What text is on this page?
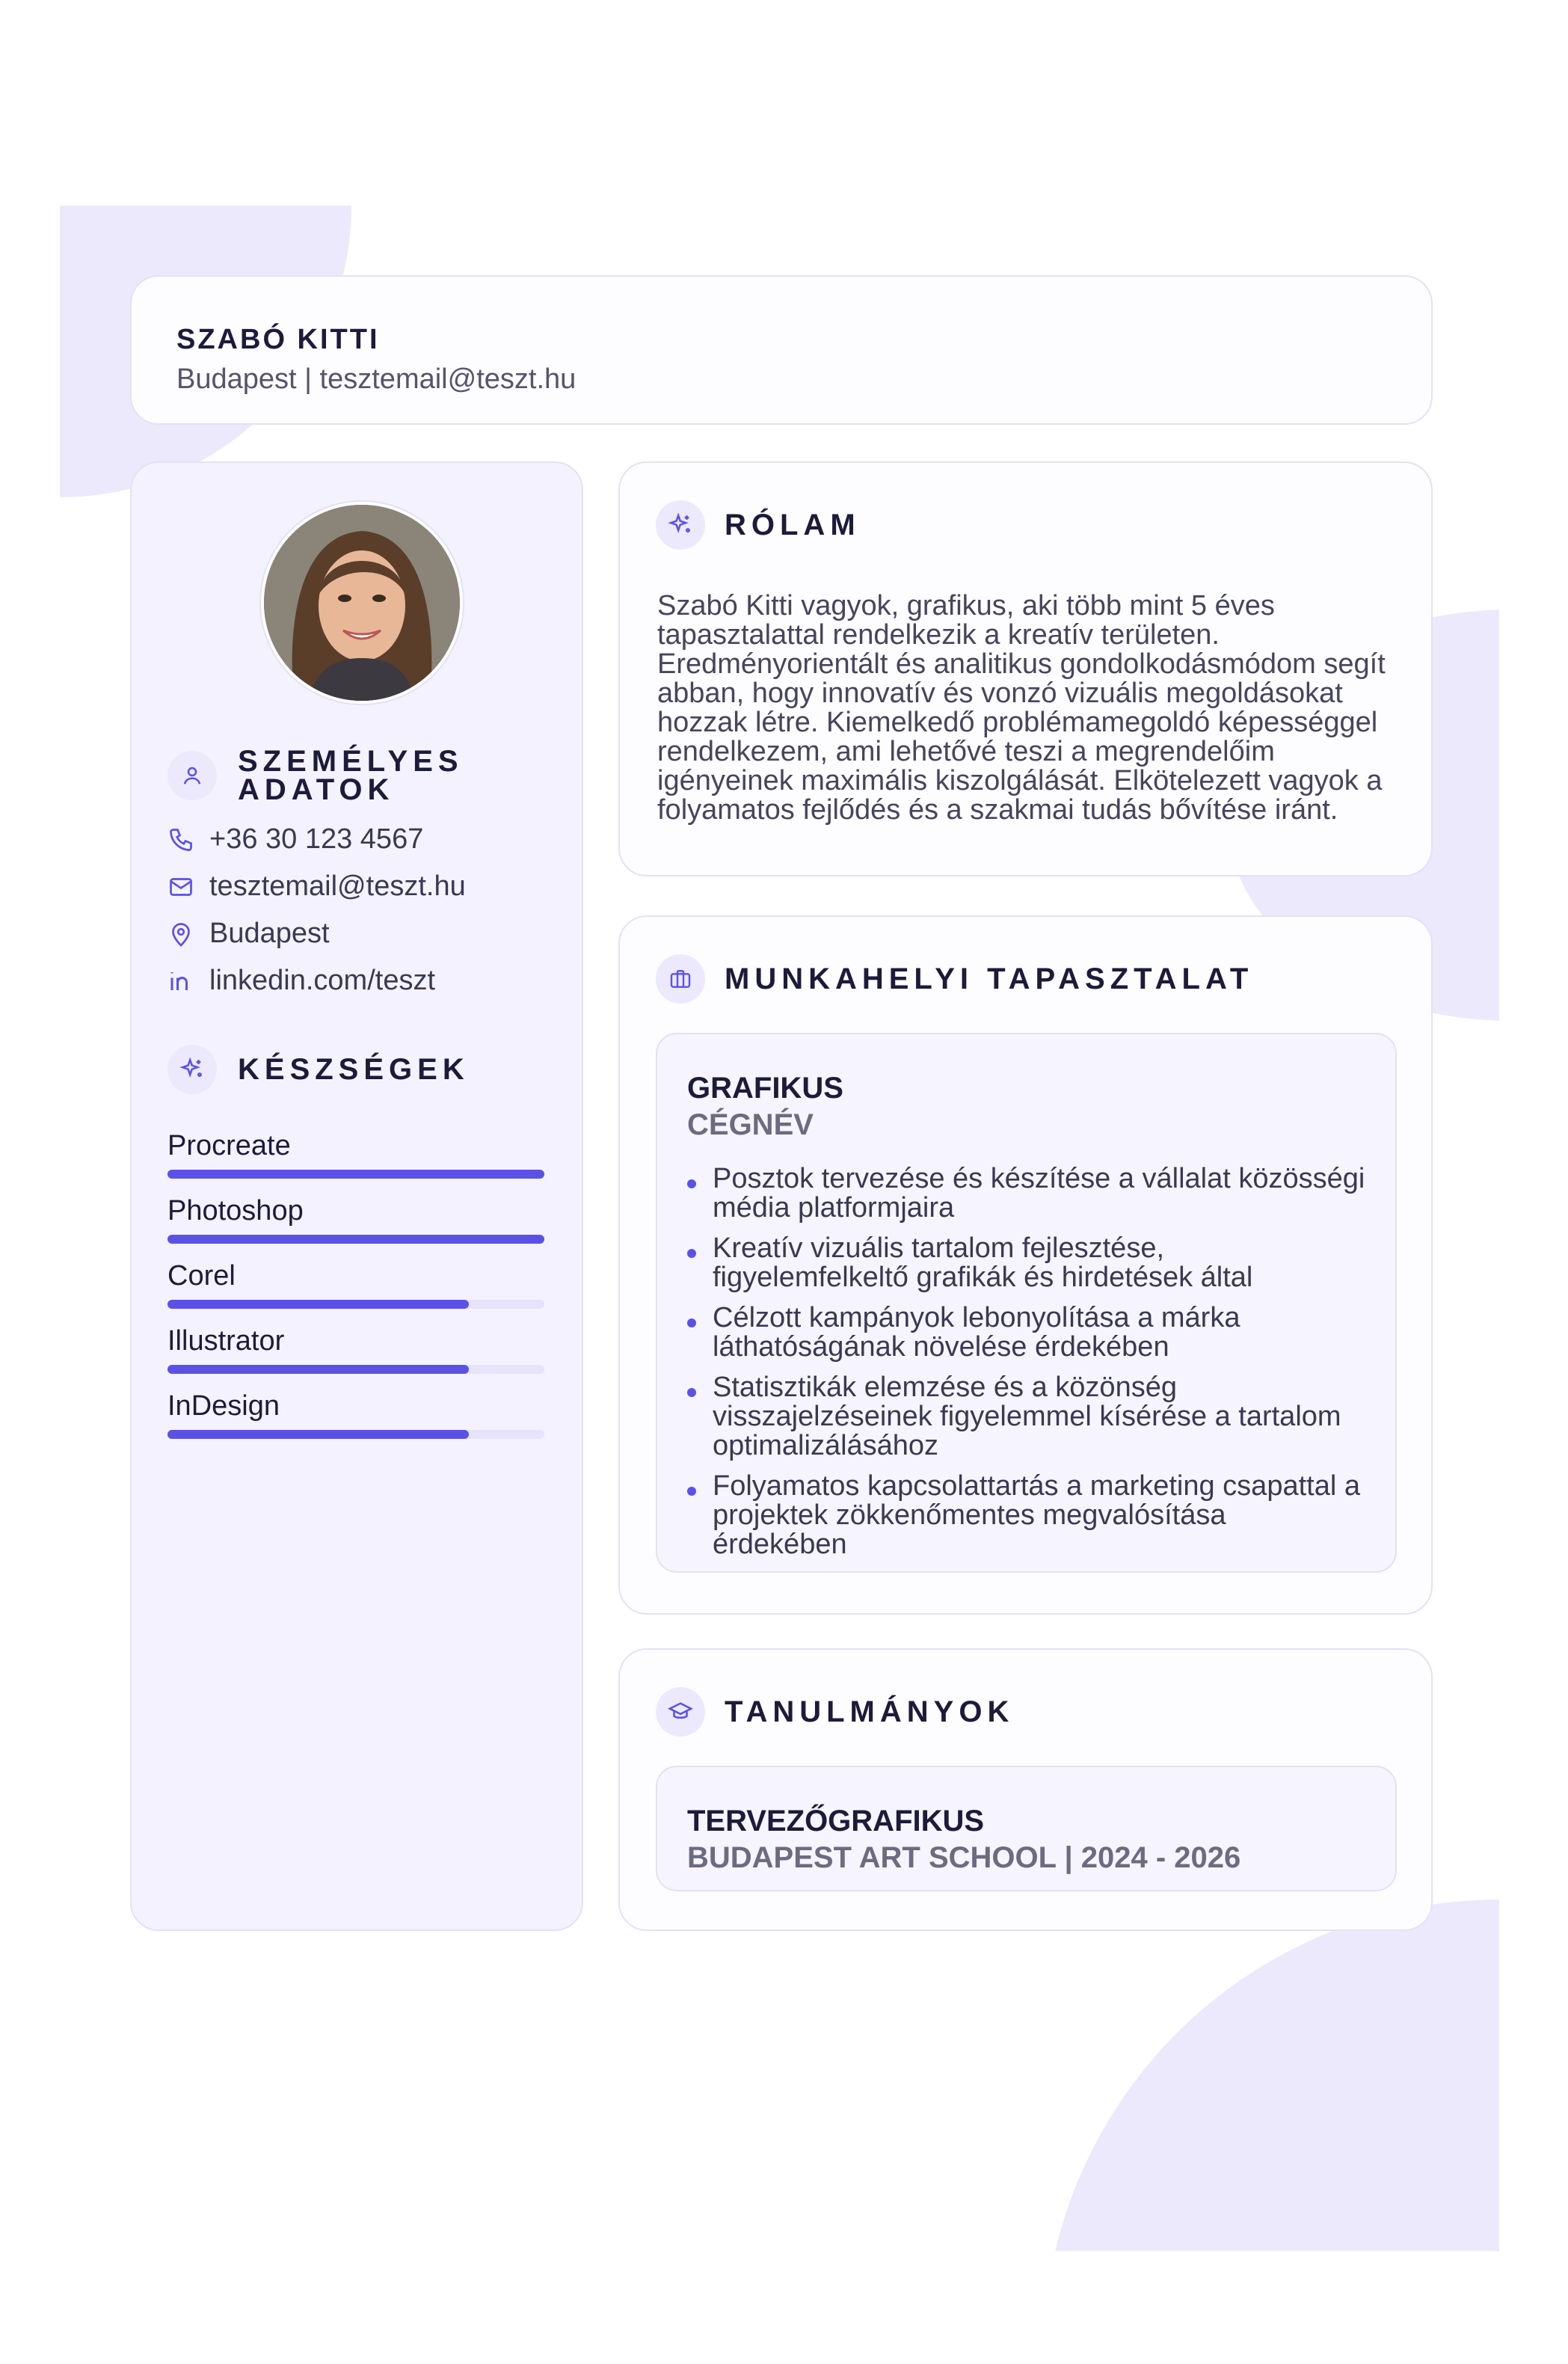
SZABÓ KITTI
Budapest | tesztemail@teszt.hu
SZEMÉLYES ADATOK
+36 30 123 4567
tesztemail@teszt.hu
Budapest
linkedin.com/teszt
KÉSZSÉGEK
Procreate
Photoshop
Corel
Illustrator
InDesign
RÓLAM
Szabó Kitti vagyok, grafikus, aki több mint 5 éves tapasztalattal rendelkezik a kreatív területen. Eredményorientált és analitikus gondolkodásmódom segít abban, hogy innovatív és vonzó vizuális megoldásokat hozzak létre. Kiemelkedő problémamegoldó képességgel rendelkezem, ami lehetővé teszi a megrendelőim igényeinek maximális kiszolgálását. Elkötelezett vagyok a folyamatos fejlődés és a szakmai tudás bővítése iránt.
MUNKAHELYI TAPASZTALAT
GRAFIKUS
CÉGNÉV
Posztok tervezése és készítése a vállalat közösségi média platformjaira
Kreatív vizuális tartalom fejlesztése, figyelemfelkeltő grafikák és hirdetések által
Célzott kampányok lebonyolítása a márka láthatóságának növelése érdekében
Statisztikák elemzése és a közönség visszajelzéseinek figyelemmel kísérése a tartalom optimalizálásához
Folyamatos kapcsolattartás a marketing csapattal a projektek zökkenőmentes megvalósítása érdekében
TANULMÁNYOK
TERVEZŐGRAFIKUS
BUDAPEST ART SCHOOL | 2024 - 2026
